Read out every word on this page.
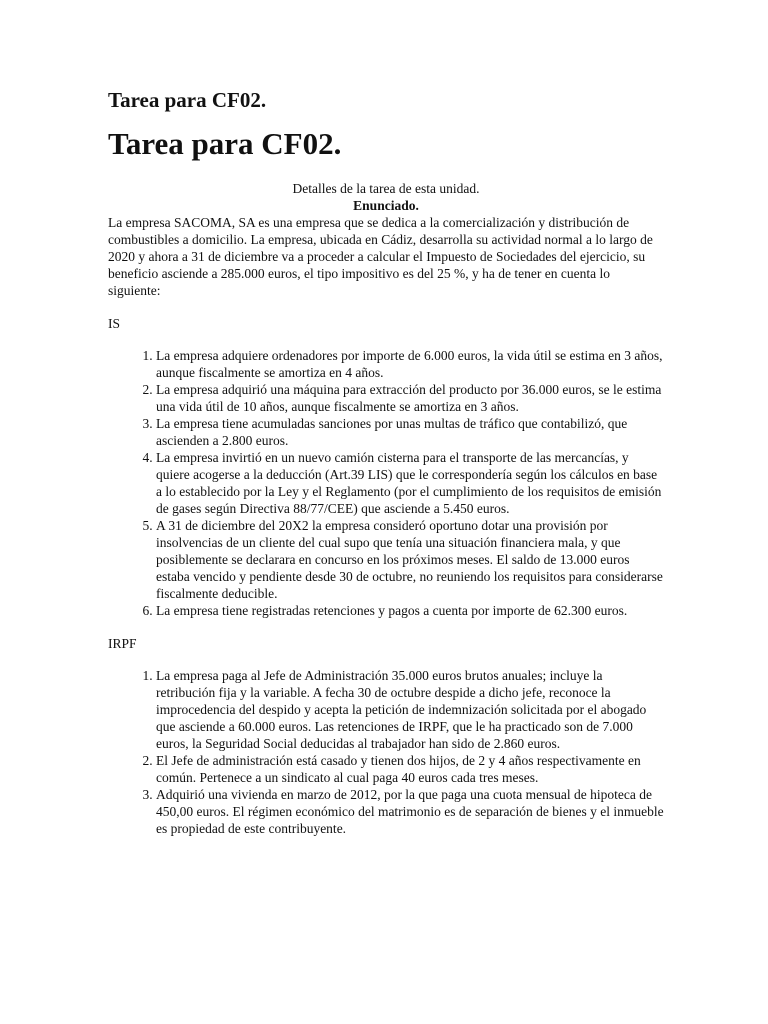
Tarea para CF02.
Tarea para CF02.
Detalles de la tarea de esta unidad.
Enunciado.

La empresa SACOMA, SA es una empresa que se dedica a la comercialización y distribución de combustibles a domicilio. La empresa, ubicada en Cádiz, desarrolla su actividad normal a lo largo de 2020 y ahora a 31 de diciembre va a proceder a calcular el Impuesto de Sociedades del ejercicio, su beneficio asciende a 285.000 euros, el tipo impositivo es del 25 %, y ha de tener en cuenta lo siguiente:

IS
1. La empresa adquiere ordenadores por importe de 6.000 euros, la vida útil se estima en 3 años, aunque fiscalmente se amortiza en 4 años.
2. La empresa adquirió una máquina para extracción del producto por 36.000 euros, se le estima una vida útil de 10 años, aunque fiscalmente se amortiza en 3 años.
3. La empresa tiene acumuladas sanciones por unas multas de tráfico que contabilizó, que ascienden a 2.800 euros.
4. La empresa invirtió en un nuevo camión cisterna para el transporte de las mercancías, y quiere acogerse a la deducción (Art.39 LIS) que le correspondería según los cálculos en base a lo establecido por la Ley y el Reglamento (por el cumplimiento de los requisitos de emisión de gases según Directiva 88/77/CEE) que asciende a 5.450 euros.
5. A 31 de diciembre del 20X2 la empresa consideró oportuno dotar una provisión por insolvencias de un cliente del cual supo que tenía una situación financiera mala, y que posiblemente se declarara en concurso en los próximos meses. El saldo de 13.000 euros estaba vencido y pendiente desde 30 de octubre, no reuniendo los requisitos para considerarse fiscalmente deducible.
6. La empresa tiene registradas retenciones y pagos a cuenta por importe de 62.300 euros.
IRPF
1. La empresa paga al Jefe de Administración 35.000 euros brutos anuales; incluye la retribución fija y la variable. A fecha 30 de octubre despide a dicho jefe, reconoce la improcedencia del despido y acepta la petición de indemnización solicitada por el abogado que asciende a 60.000 euros. Las retenciones de IRPF, que le ha practicado son de 7.000 euros, la Seguridad Social deducidas al trabajador han sido de 2.860 euros.
2. El Jefe de administración está casado y tienen dos hijos, de 2 y 4 años respectivamente en común. Pertenece a un sindicato al cual paga 40 euros cada tres meses.
3. Adquirió una vivienda en marzo de 2012, por la que paga una cuota mensual de hipoteca de 450,00 euros. El régimen económico del matrimonio es de separación de bienes y el inmueble es propiedad de este contribuyente.
